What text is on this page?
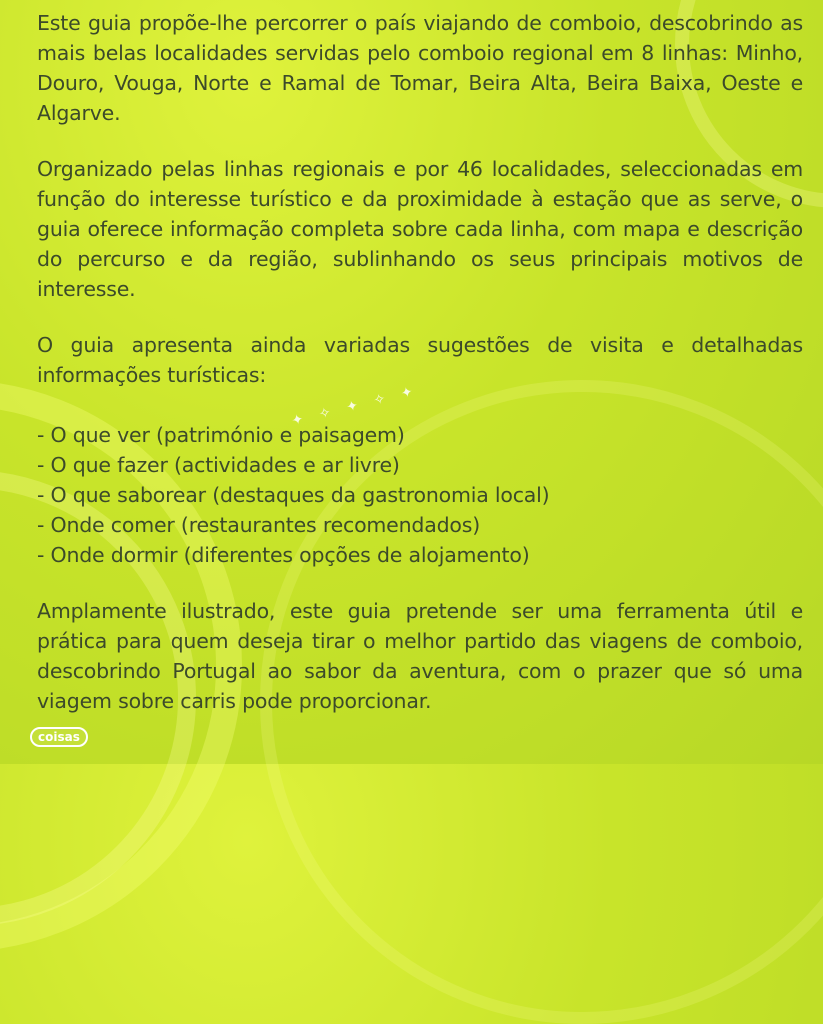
✦ ✧ ✦ ✧ ✦

Este guia propõe-lhe percorrer o país viajando de comboio, descobrindo as mais belas localidades servidas pelo comboio regional em 8 linhas: Minho, Douro, Vouga, Norte e Ramal de Tomar, Beira Alta, Beira Baixa, Oeste e Algarve.

Organizado pelas linhas regionais e por 46 localidades, seleccionadas em função do interesse turístico e da proximidade à estação que as serve, o guia oferece informação completa sobre cada linha, com mapa e descrição do percurso e da região, sublinhando os seus principais motivos de interesse.

O guia apresenta ainda variadas sugestões de visita e detalhadas informações turísticas:

- O que ver (património e paisagem)
- O que fazer (actividades e ar livre)
- O que saborear (destaques da gastronomia local)
- Onde comer (restaurantes recomendados)
- Onde dormir (diferentes opções de alojamento)

Amplamente ilustrado, este guia pretende ser uma ferramenta útil e prática para quem deseja tirar o melhor partido das viagens de comboio, descobrindo Portugal ao sabor da aventura, com o prazer que só uma viagem sobre carris pode proporcionar.

coisas
